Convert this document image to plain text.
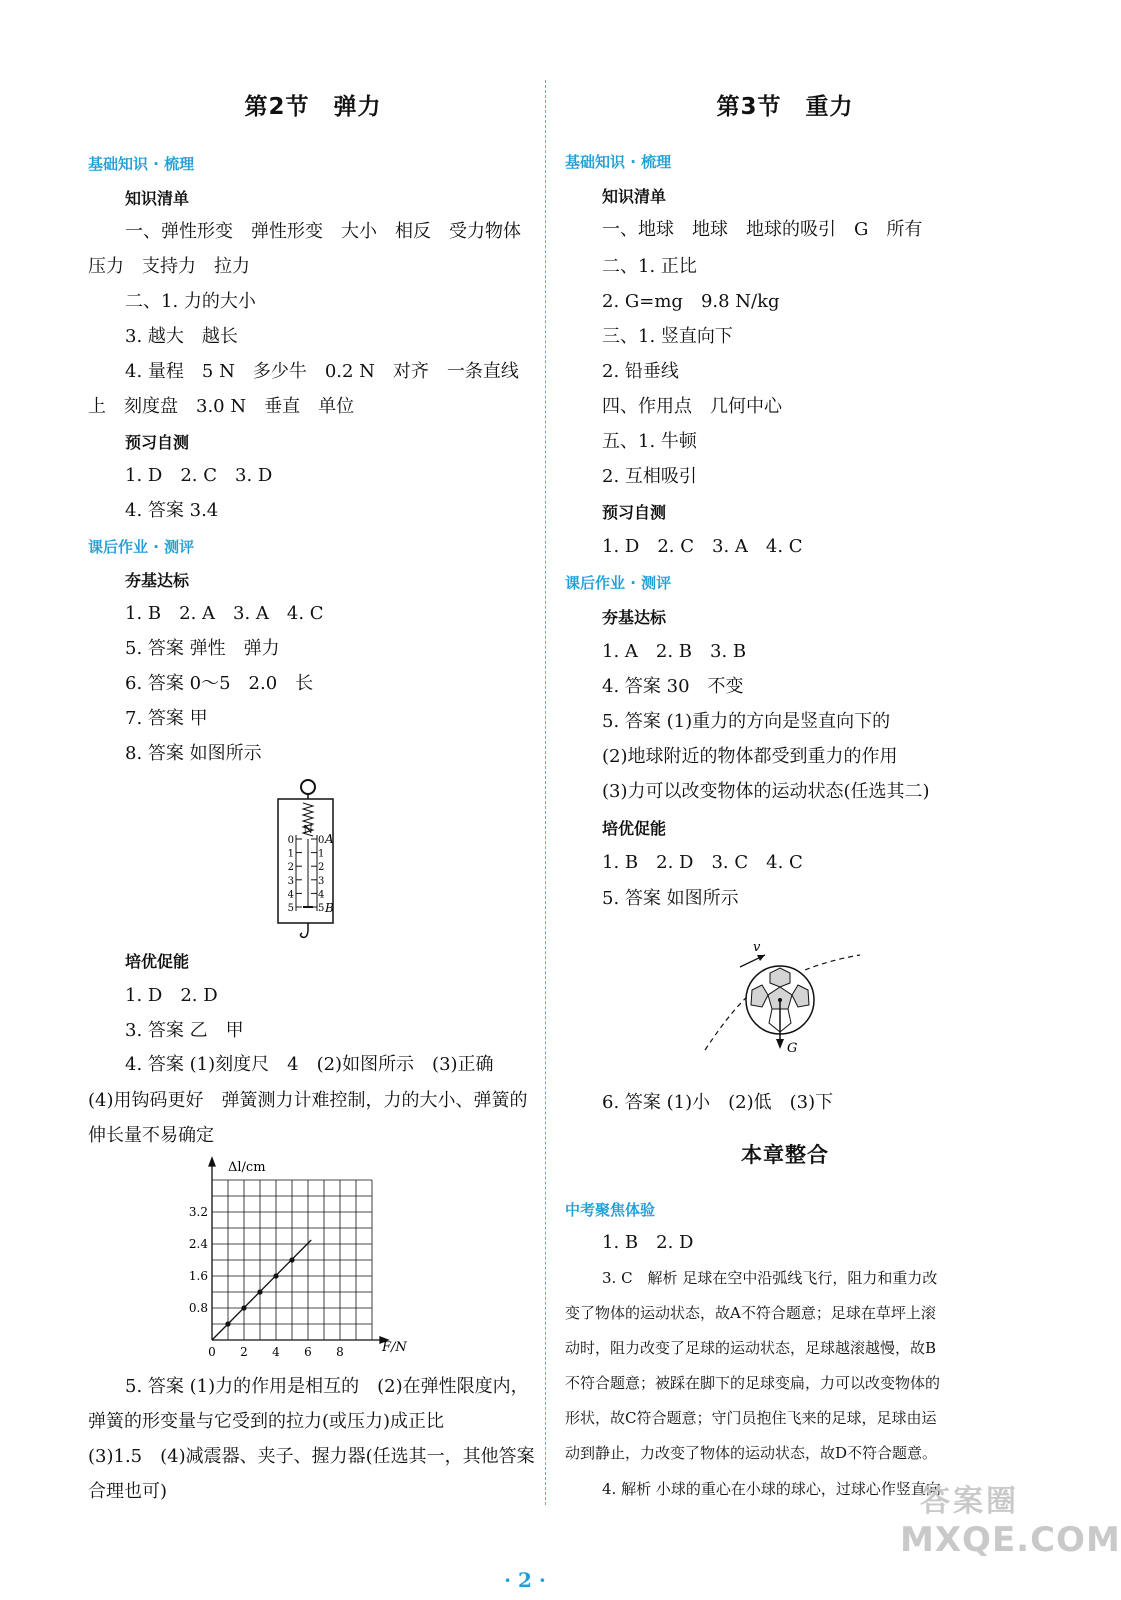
第2节　弹力
基础知识 · 梳理
知识清单
一、弹性形变　弹性形变　大小　相反　受力物体
压力　支持力　拉力
二、1. 力的大小
3. 越大　越长
4. 量程　5 N　多少牛　0.2 N　对齐　一条直线
上　刻度盘　3.0 N　垂直　单位
预习自测
1. D　2. C　3. D
4. 答案 3.4
课后作业 · 测评
夯基达标
1. B　2. A　3. A　4. C
5. 答案 弹性　弹力
6. 答案 0～5　2.0　长
7. 答案 甲
8. 答案 如图所示
N
0
1
2
3
4
5
0
1
2
3
4
5
A
B
培优促能
1. D　2. D
3. 答案 乙　甲
4. 答案 (1)刻度尺　4　(2)如图所示　(3)正确
(4)用钩码更好　弹簧测力计难控制，力的大小、弹簧的
伸长量不易确定
0 2 4 6 8
0.8
1.6
2.4
3.2
Δl/cm
F/N
5. 答案 (1)力的作用是相互的　(2)在弹性限度内，
弹簧的形变量与它受到的拉力(或压力)成正比
(3)1.5　(4)减震器、夹子、握力器(任选其一，其他答案
合理也可)
第3节　重力
基础知识 · 梳理
知识清单
一、地球　地球　地球的吸引　G　所有
二、1. 正比
2. G=mg　9.8 N/kg
三、1. 竖直向下
2. 铅垂线
四、作用点　几何中心
五、1. 牛顿
2. 互相吸引
预习自测
1. D　2. C　3. A　4. C
课后作业 · 测评
夯基达标
1. A　2. B　3. B
4. 答案 30　不变
5. 答案 (1)重力的方向是竖直向下的
(2)地球附近的物体都受到重力的作用
(3)力可以改变物体的运动状态(任选其二)
培优促能
1. B　2. D　3. C　4. C
5. 答案 如图所示
v
G
6. 答案 (1)小　(2)低　(3)下
本章整合
中考聚焦体验
1. B　2. D
3. C　解析 足球在空中沿弧线飞行，阻力和重力改
变了物体的运动状态，故A不符合题意；足球在草坪上滚
动时，阻力改变了足球的运动状态，足球越滚越慢，故B
不符合题意；被踩在脚下的足球变扁，力可以改变物体的
形状，故C符合题意；守门员抱住飞来的足球，足球由运
动到静止，力改变了物体的运动状态，故D不符合题意。
4. 解析 小球的重心在小球的球心，过球心作竖直向
· 2 ·
答案圈
MXQE.COM
